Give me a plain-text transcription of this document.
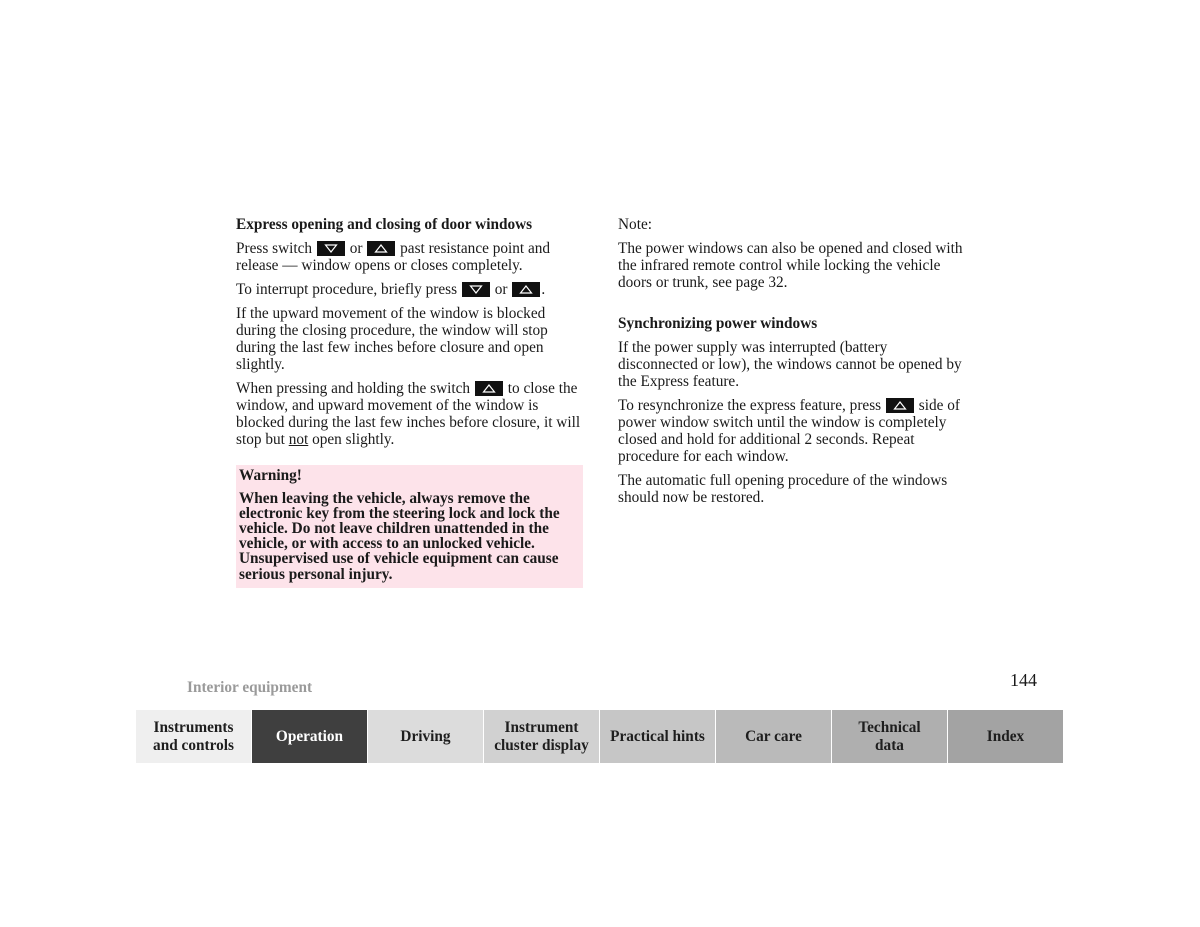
Express opening and closing of door windows
Press switch or past resistance point and
release — window opens or closes completely.
To interrupt procedure, briefly press or .
If the upward movement of the window is blocked
during the closing procedure, the window will stop
during the last few inches before closure and open
slightly.
When pressing and holding the switch to close the
window, and upward movement of the window is
blocked during the last few inches before closure, it will
stop but not open slightly.
Warning!
When leaving the vehicle, always remove the
electronic key from the steering lock and lock the
vehicle. Do not leave children unattended in the
vehicle, or with access to an unlocked vehicle.
Unsupervised use of vehicle equipment can cause
serious personal injury.
Note:
The power windows can also be opened and closed with
the infrared remote control while locking the vehicle
doors or trunk, see page 32.
Synchronizing power windows
If the power supply was interrupted (battery
disconnected or low), the windows cannot be opened by
the Express feature.
To resynchronize the express feature, press side of
power window switch until the window is completely
closed and hold for additional 2 seconds. Repeat
procedure for each window.
The automatic full opening procedure of the windows
should now be restored.
Interior equipment	144
Instruments
and controls
Operation	Driving
Instrument
cluster display
Practical hints	Car care
Technical
data
Index
